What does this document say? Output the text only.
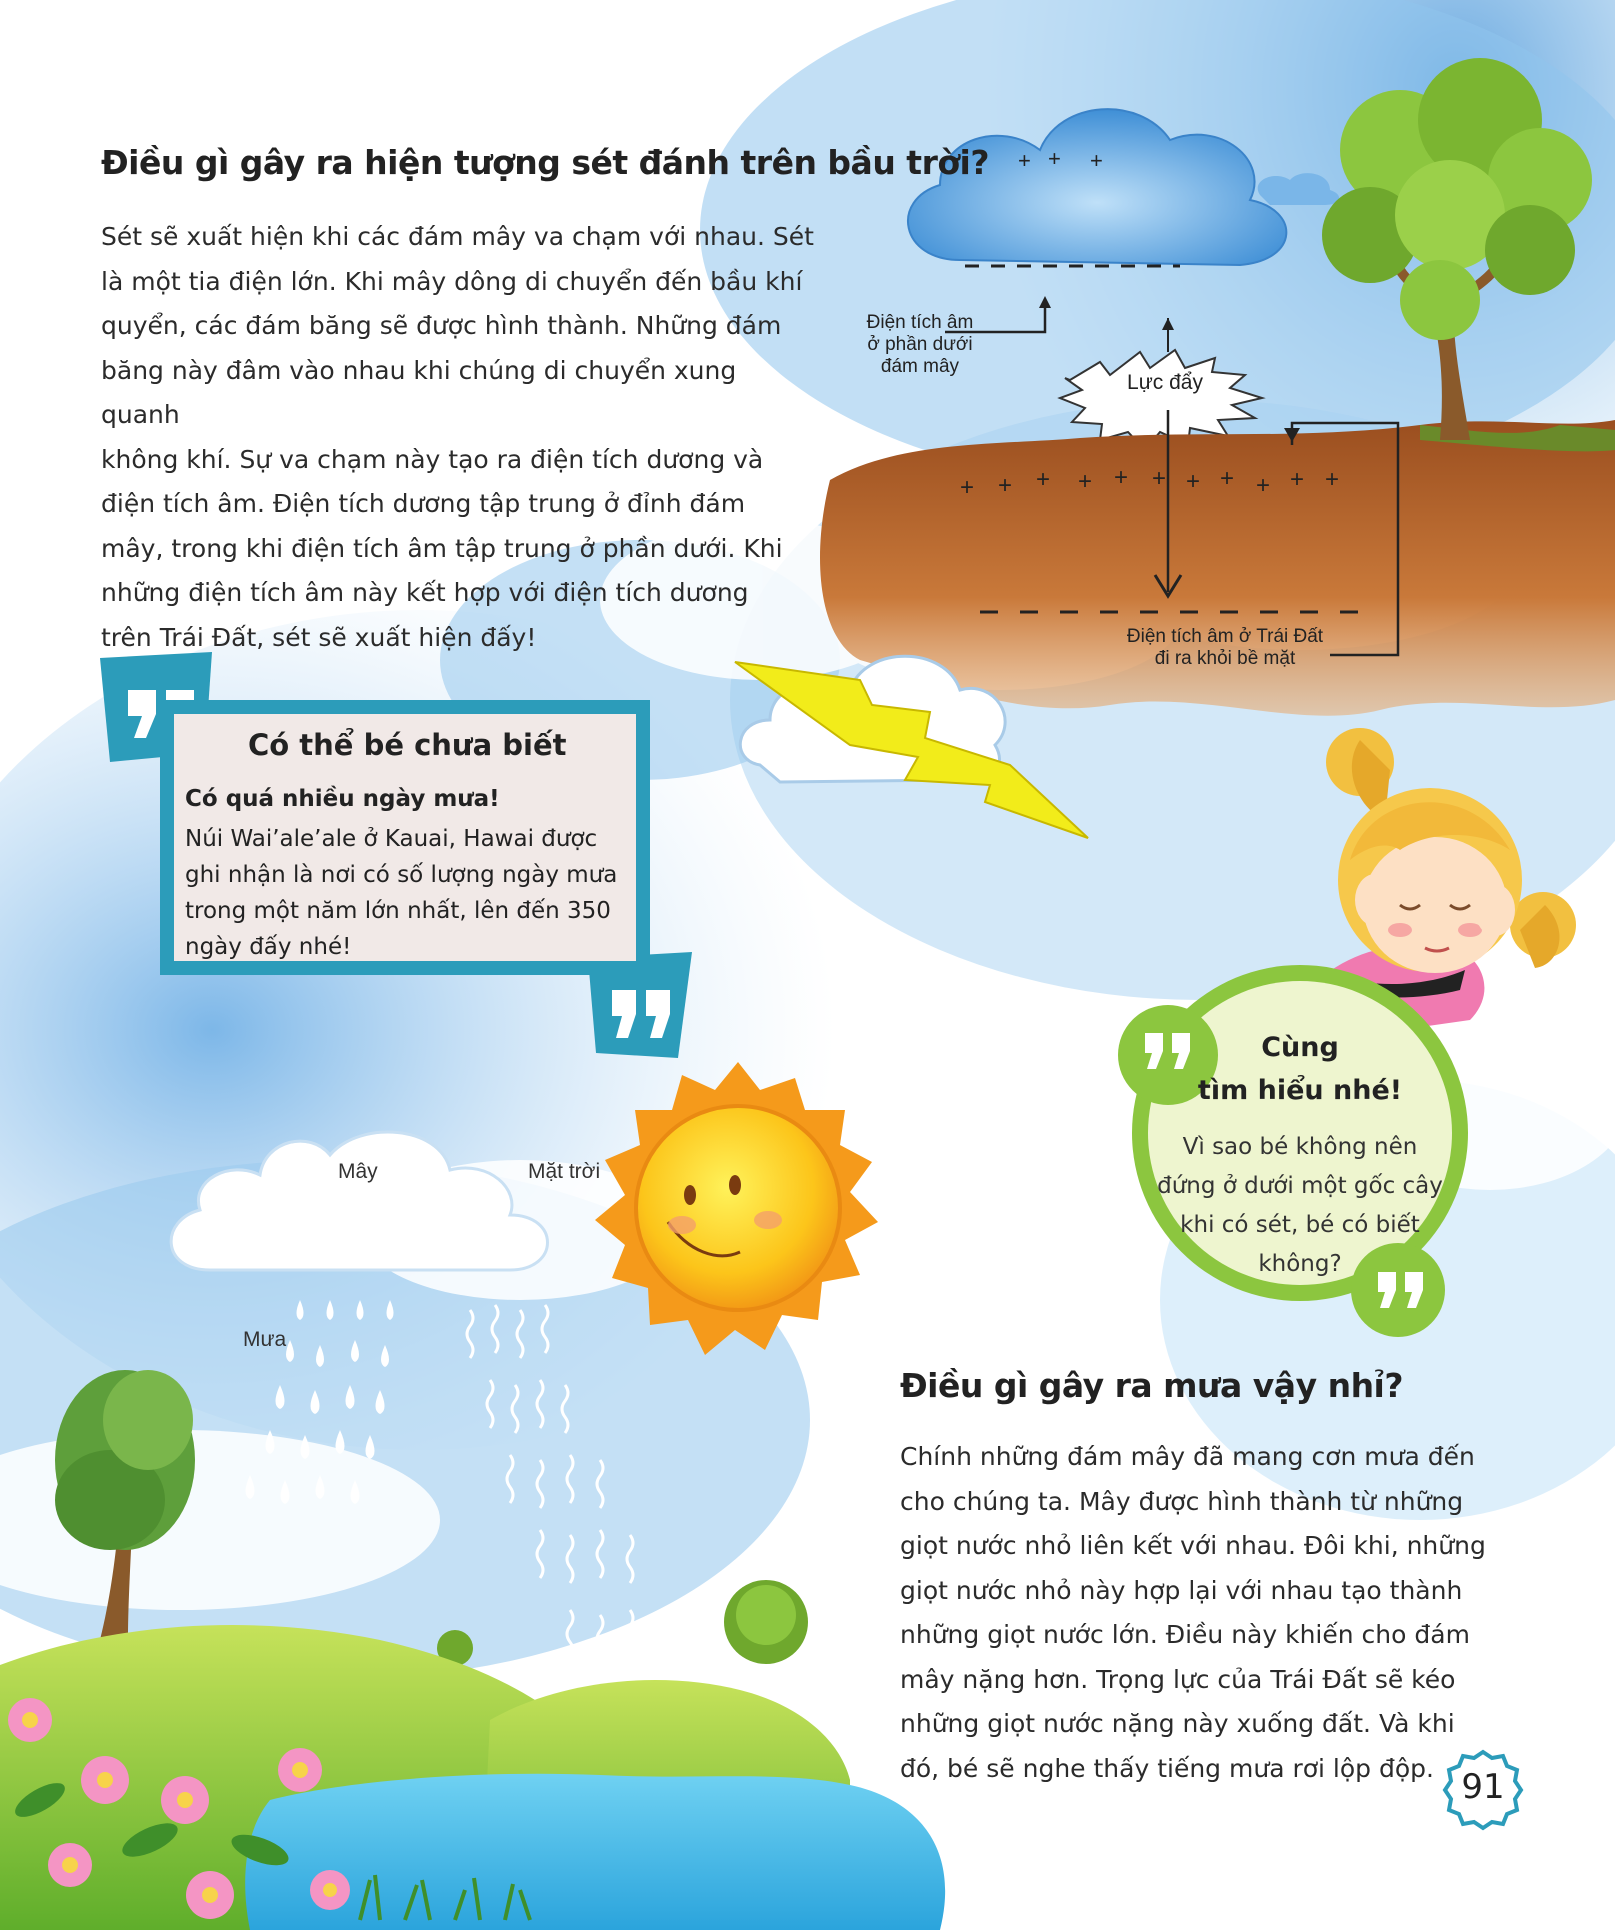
+ + +
+ + + + + + + + + + +
Điều gì gây ra hiện tượng sét đánh trên bầu trời?
Sét sẽ xuất hiện khi các đám mây va chạm với nhau. Sét
là một tia điện lớn. Khi mây dông di chuyển đến bầu khí
quyển, các đám băng sẽ được hình thành. Những đám
băng này đâm vào nhau khi chúng di chuyển xung quanh
không khí. Sự va chạm này tạo ra điện tích dương và
điện tích âm. Điện tích dương tập trung ở đỉnh đám
mây, trong khi điện tích âm tập trung ở phần dưới. Khi
những điện tích âm này kết hợp với điện tích dương
trên Trái Đất, sét sẽ xuất hiện đấy!
Điện tích âm
ở phần dưới
đám mây
Lực đẩy
Điện tích âm ở Trái Đất
đi ra khỏi bề mặt
Có thể bé chưa biết
Có quá nhiều ngày mưa!
Núi Wai’ale’ale ở Kauai, Hawai được
ghi nhận là nơi có số lượng ngày mưa
trong một năm lớn nhất, lên đến 350
ngày đấy nhé!
Mây	Mặt trời
Mưa
Cùng
tìm hiểu nhé!
Vì sao bé không nên
đứng ở dưới một gốc cây
khi có sét, bé có biết
không?
Điều gì gây ra mưa vậy nhỉ?
Chính những đám mây đã mang cơn mưa đến
cho chúng ta. Mây được hình thành từ những
giọt nước nhỏ liên kết với nhau. Đôi khi, những
giọt nước nhỏ này hợp lại với nhau tạo thành
những giọt nước lớn. Điều này khiến cho đám
mây nặng hơn. Trọng lực của Trái Đất sẽ kéo
những giọt nước nặng này xuống đất. Và khi
đó, bé sẽ nghe thấy tiếng mưa rơi lộp độp. 91
